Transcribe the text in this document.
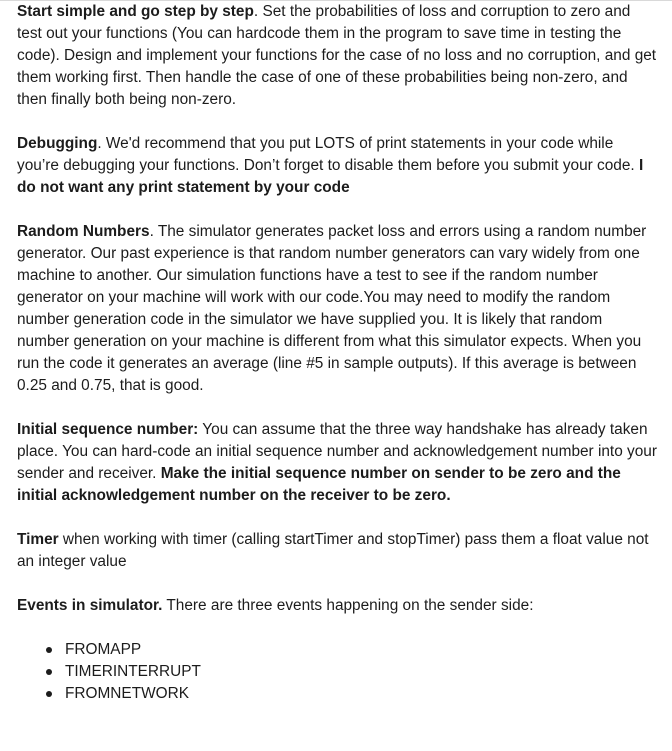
Start simple and go step by step. Set the probabilities of loss and corruption to zero and test out your functions (You can hardcode them in the program to save time in testing the code). Design and implement your functions for the case of no loss and no corruption, and get them working first. Then handle the case of one of these probabilities being non-zero, and then finally both being non-zero.

Debugging. We'd recommend that you put LOTS of print statements in your code while you’re debugging your functions. Don’t forget to disable them before you submit your code. I do not want any print statement by your code

Random Numbers. The simulator generates packet loss and errors using a random number generator. Our past experience is that random number generators can vary widely from one machine to another. Our simulation functions have a test to see if the random number generator on your machine will work with our code.You may need to modify the random number generation code in the simulator we have supplied you. It is likely that random number generation on your machine is different from what this simulator expects. When you run the code it generates an average (line #5 in sample outputs). If this average is between 0.25 and 0.75, that is good.

Initial sequence number: You can assume that the three way handshake has already taken place. You can hard-code an initial sequence number and acknowledgement number into your sender and receiver. Make the initial sequence number on sender to be zero and the initial acknowledgement number on the receiver to be zero.

Timer when working with timer (calling startTimer and stopTimer) pass them a float value not an integer value

Events in simulator. There are three events happening on the sender side:

FROMAPP
TIMERINTERRUPT
FROMNETWORK
